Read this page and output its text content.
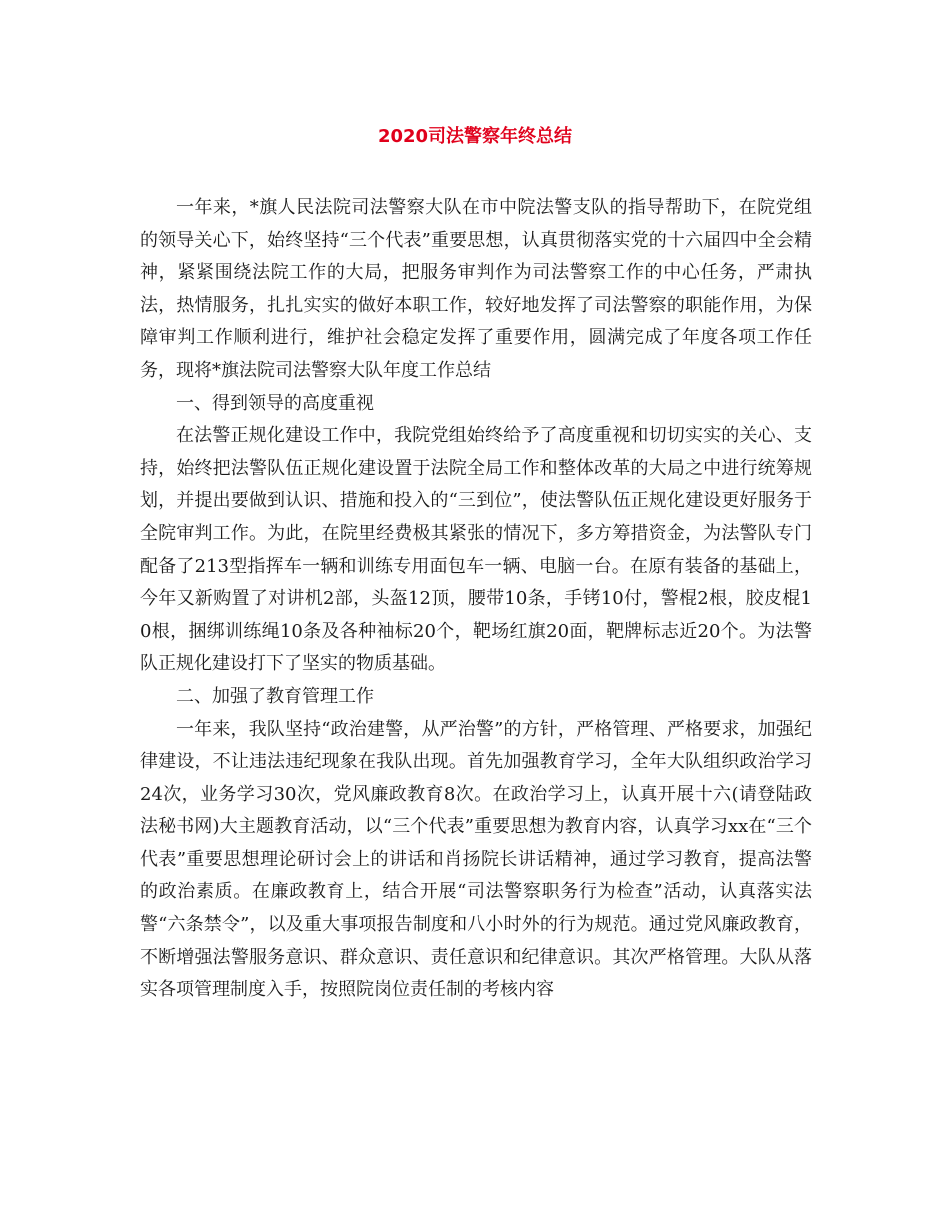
2020司法警察年终总结

一年来，*旗人民法院司法警察大队在市中院法警支队的指导帮助下，在院党组的领导关心下，始终坚持“三个代表”重要思想，认真贯彻落实党的十六届四中全会精神，紧紧围绕法院工作的大局，把服务审判作为司法警察工作的中心任务，严肃执法，热情服务，扎扎实实的做好本职工作，较好地发挥了司法警察的职能作用，为保障审判工作顺利进行，维护社会稳定发挥了重要作用，圆满完成了年度各项工作任务，现将*旗法院司法警察大队年度工作总结

一、得到领导的高度重视

在法警正规化建设工作中，我院党组始终给予了高度重视和切切实实的关心、支持，始终把法警队伍正规化建设置于法院全局工作和整体改革的大局之中进行统筹规划，并提出要做到认识、措施和投入的“三到位”，使法警队伍正规化建设更好服务于全院审判工作。为此，在院里经费极其紧张的情况下，多方筹措资金，为法警队专门配备了213型指挥车一辆和训练专用面包车一辆、电脑一台。在原有装备的基础上，今年又新购置了对讲机2部，头盔12顶，腰带10条，手铐10付，警棍2根，胶皮棍10根，捆绑训练绳10条及各种袖标20个，靶场红旗20面，靶牌标志近20个。为法警队正规化建设打下了坚实的物质基础。

二、加强了教育管理工作

一年来，我队坚持“政治建警，从严治警”的方针，严格管理、严格要求，加强纪律建设，不让违法违纪现象在我队出现。首先加强教育学习，全年大队组织政治学习24次，业务学习30次，党风廉政教育8次。在政治学习上，认真开展十六(请登陆政法秘书网)大主题教育活动，以“三个代表”重要思想为教育内容，认真学习xx在“三个代表”重要思想理论研讨会上的讲话和肖扬院长讲话精神，通过学习教育，提高法警的政治素质。在廉政教育上，结合开展“司法警察职务行为检查”活动，认真落实法警“六条禁令”，以及重大事项报告制度和八小时外的行为规范。通过党风廉政教育，不断增强法警服务意识、群众意识、责任意识和纪律意识。其次严格管理。大队从落实各项管理制度入手，按照院岗位责任制的考核内容
